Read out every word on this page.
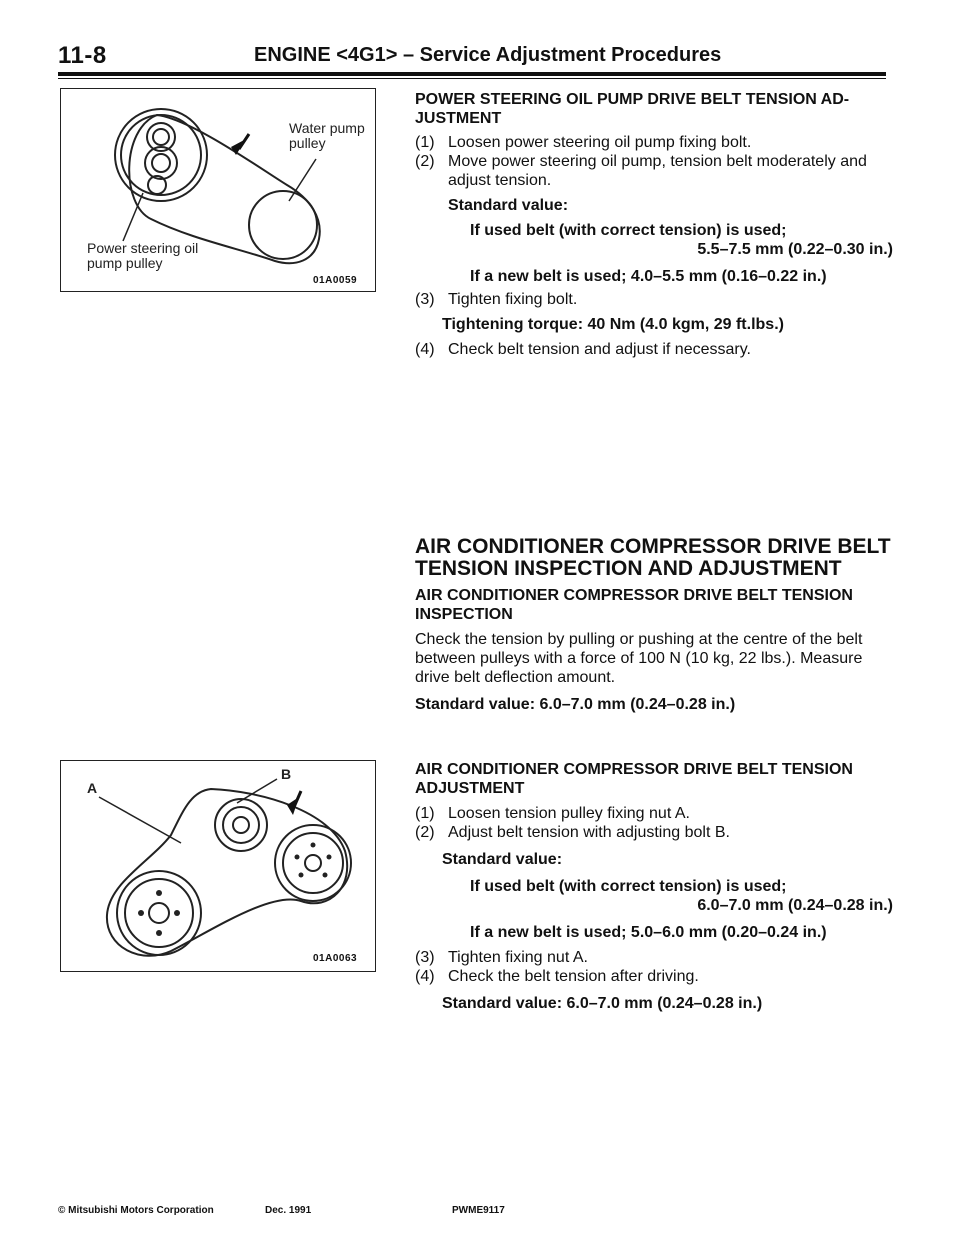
11-8	ENGINE <4G1> – Service Adjustment Procedures
Water pump
pulley
Power steering oil
pump pulley
01A0059
A
B
01A0063
POWER STEERING OIL PUMP DRIVE BELT TENSION AD-
JUSTMENT
(1) Loosen power steering oil pump fixing bolt.
(2) Move power steering oil pump, tension belt moderately and adjust tension.
Standard value:
If used belt (with correct tension) is used;
5.5–7.5 mm (0.22–0.30 in.)
If a new belt is used; 4.0–5.5 mm (0.16–0.22 in.)
(3) Tighten fixing bolt.
Tightening torque: 40 Nm (4.0 kgm, 29 ft.lbs.)
(4) Check belt tension and adjust if necessary.
AIR CONDITIONER COMPRESSOR DRIVE BELT TENSION INSPECTION AND ADJUSTMENT
AIR CONDITIONER COMPRESSOR DRIVE BELT TENSION INSPECTION
Check the tension by pulling or pushing at the centre of the belt between pulleys with a force of 100 N (10 kg, 22 lbs.). Measure drive belt deflection amount.
Standard value: 6.0–7.0 mm (0.24–0.28 in.)
AIR CONDITIONER COMPRESSOR DRIVE BELT TENSION ADJUSTMENT
(1) Loosen tension pulley fixing nut A.
(2) Adjust belt tension with adjusting bolt B.
Standard value:
If used belt (with correct tension) is used;
6.0–7.0 mm (0.24–0.28 in.)
If a new belt is used; 5.0–6.0 mm (0.20–0.24 in.)
(3) Tighten fixing nut A.
(4) Check the belt tension after driving.
Standard value: 6.0–7.0 mm (0.24–0.28 in.)
© Mitsubishi Motors Corporation	Dec. 1991	PWME9117
